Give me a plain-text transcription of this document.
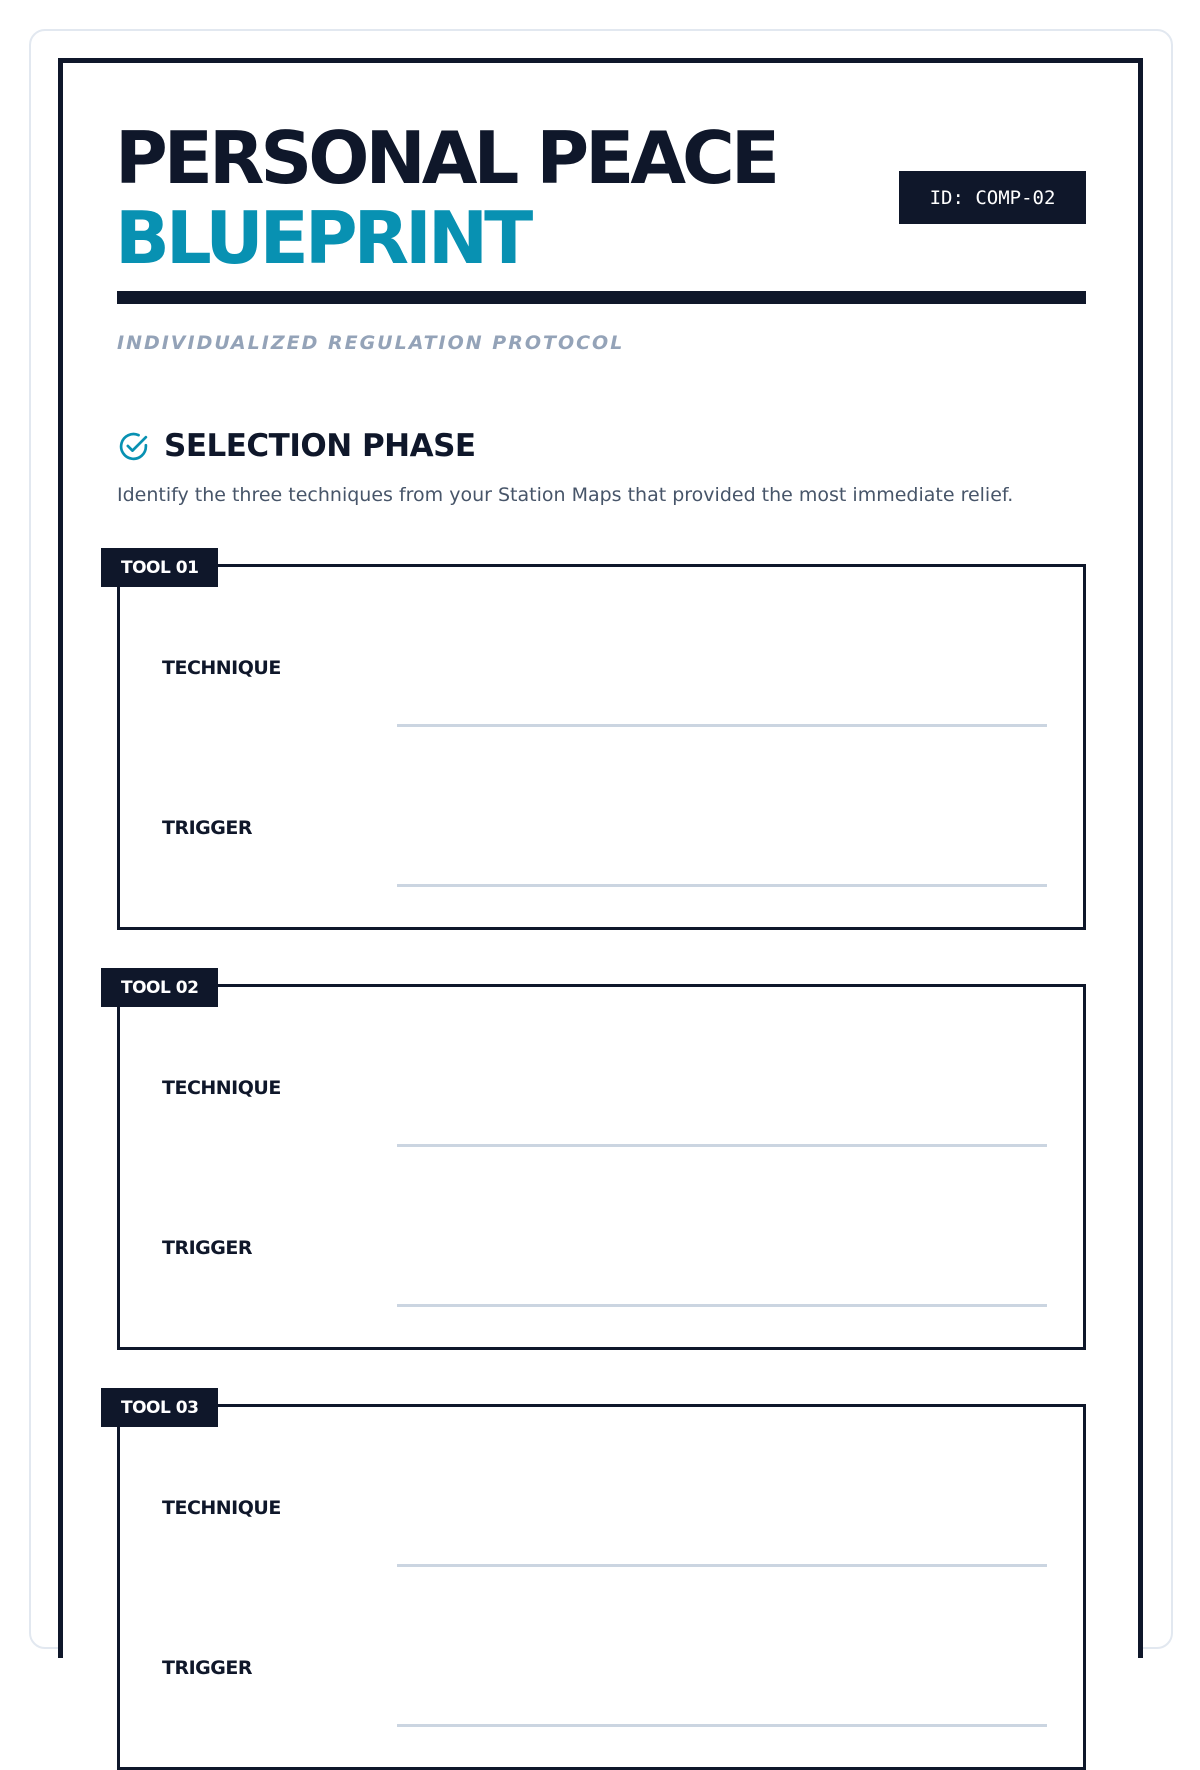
PERSONAL PEACE
BLUEPRINT	ID: COMP-02
INDIVIDUALIZED REGULATION PROTOCOL
SELECTION PHASE
Identify the three techniques from your Station Maps that provided the most immediate relief.
TOOL 01
TECHNIQUE
TRIGGER
TOOL 02
TECHNIQUE
TRIGGER
TOOL 03
TECHNIQUE
TRIGGER
